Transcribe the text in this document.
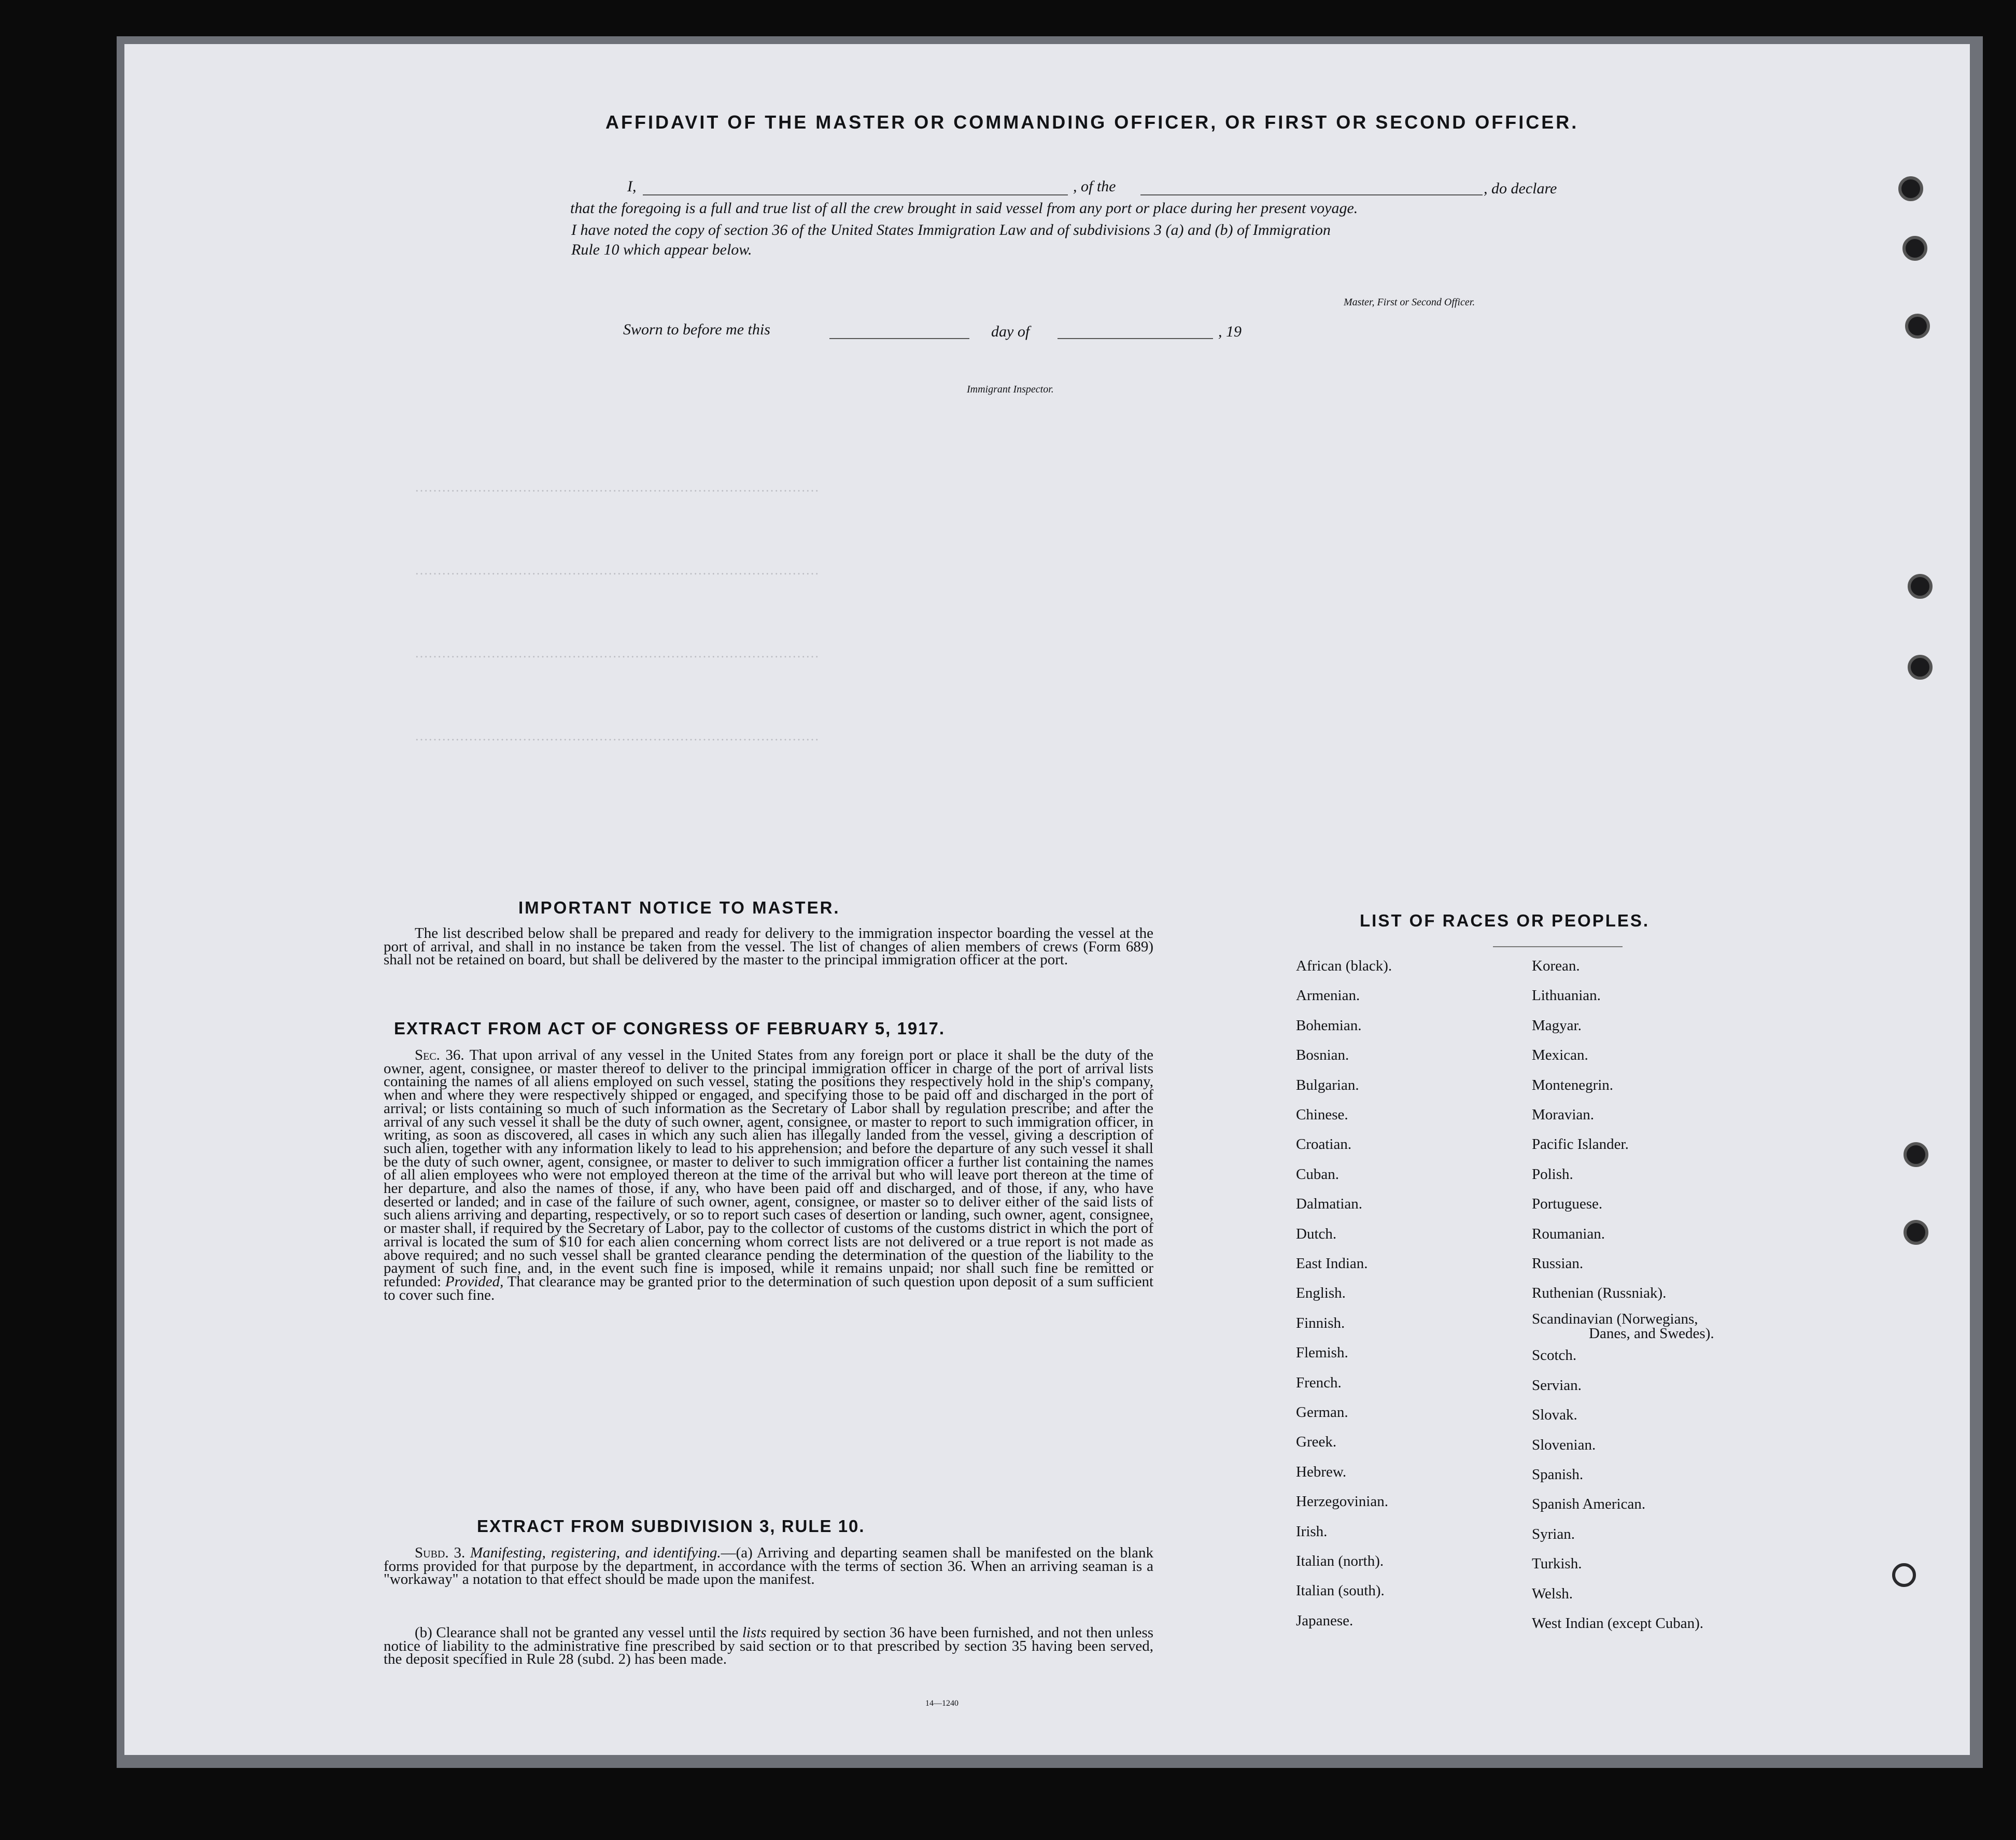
………………………………………………………………………………
………………………………………………………………………………
………………………………………………………………………………
………………………………………………………………………………
AFFIDAVIT OF THE MASTER OR COMMANDING OFFICER, OR FIRST OR SECOND OFFICER.
I,	, of the	, do declare
that the foregoing is a full and true list of all the crew brought in said vessel from any port or place during her present voyage.
I have noted the copy of section 36 of the United States Immigration Law and of subdivisions 3 (a) and (b) of Immigration
Rule 10 which appear below.
Master, First or Second Officer.
Sworn to before me this	day of	, 19
Immigrant Inspector.
IMPORTANT NOTICE TO MASTER.
The list described below shall be prepared and ready for delivery to the immigration inspector boarding the vessel at the port of arrival, and shall in no instance be taken from the vessel. The list of changes of alien members of crews (Form 689) shall not be retained on board, but shall be delivered by the master to the principal immigration officer at the port.
EXTRACT FROM ACT OF CONGRESS OF FEBRUARY 5, 1917.
Sec. 36. That upon arrival of any vessel in the United States from any foreign port or place it shall be the duty of the owner, agent, consignee, or master thereof to deliver to the principal immigration officer in charge of the port of arrival lists containing the names of all aliens employed on such vessel, stating the positions they respectively hold in the ship's company, when and where they were respectively shipped or engaged, and specifying those to be paid off and discharged in the port of arrival; or lists containing so much of such information as the Secretary of Labor shall by regulation prescribe; and after the arrival of any such vessel it shall be the duty of such owner, agent, consignee, or master to report to such immigration officer, in writing, as soon as discovered, all cases in which any such alien has illegally landed from the vessel, giving a description of such alien, together with any information likely to lead to his apprehension; and before the departure of any such vessel it shall be the duty of such owner, agent, consignee, or master to deliver to such immigration officer a further list containing the names of all alien employees who were not employed thereon at the time of the arrival but who will leave port thereon at the time of her departure, and also the names of those, if any, who have been paid off and discharged, and of those, if any, who have deserted or landed; and in case of the failure of such owner, agent, consignee, or master so to deliver either of the said lists of such aliens arriving and departing, respectively, or so to report such cases of desertion or landing, such owner, agent, consignee, or master shall, if required by the Secretary of Labor, pay to the collector of customs of the customs district in which the port of arrival is located the sum of $10 for each alien concerning whom correct lists are not delivered or a true report is not made as above required; and no such vessel shall be granted clearance pending the determination of the question of the liability to the payment of such fine, and, in the event such fine is imposed, while it remains unpaid; nor shall such fine be remitted or refunded: Provided, That clearance may be granted prior to the determination of such question upon deposit of a sum sufficient to cover such fine.
EXTRACT FROM SUBDIVISION 3, RULE 10.
Subd. 3. Manifesting, registering, and identifying.—(a) Arriving and departing seamen shall be manifested on the blank forms provided for that purpose by the department, in accordance with the terms of section 36. When an arriving seaman is a "workaway" a notation to that effect should be made upon the manifest.
(b) Clearance shall not be granted any vessel until the lists required by section 36 have been furnished, and not then unless notice of liability to the administrative fine prescribed by said section or to that prescribed by section 35 having been served, the deposit specified in Rule 28 (subd. 2) has been made.
14—1240
LIST OF RACES OR PEOPLES.
African (black).
Armenian.
Bohemian.
Bosnian.
Bulgarian.
Chinese.
Croatian.
Cuban.
Dalmatian.
Dutch.
East Indian.
English.
Finnish.
Flemish.
French.
German.
Greek.
Hebrew.
Herzegovinian.
Irish.
Italian (north).
Italian (south).
Japanese.
Korean.
Lithuanian.
Magyar.
Mexican.
Montenegrin.
Moravian.
Pacific Islander.
Polish.
Portuguese.
Roumanian.
Russian.
Ruthenian (Russniak).
Scandinavian (Norwegians,
Danes, and Swedes).
Scotch.
Servian.
Slovak.
Slovenian.
Spanish.
Spanish American.
Syrian.
Turkish.
Welsh.
West Indian (except Cuban).
